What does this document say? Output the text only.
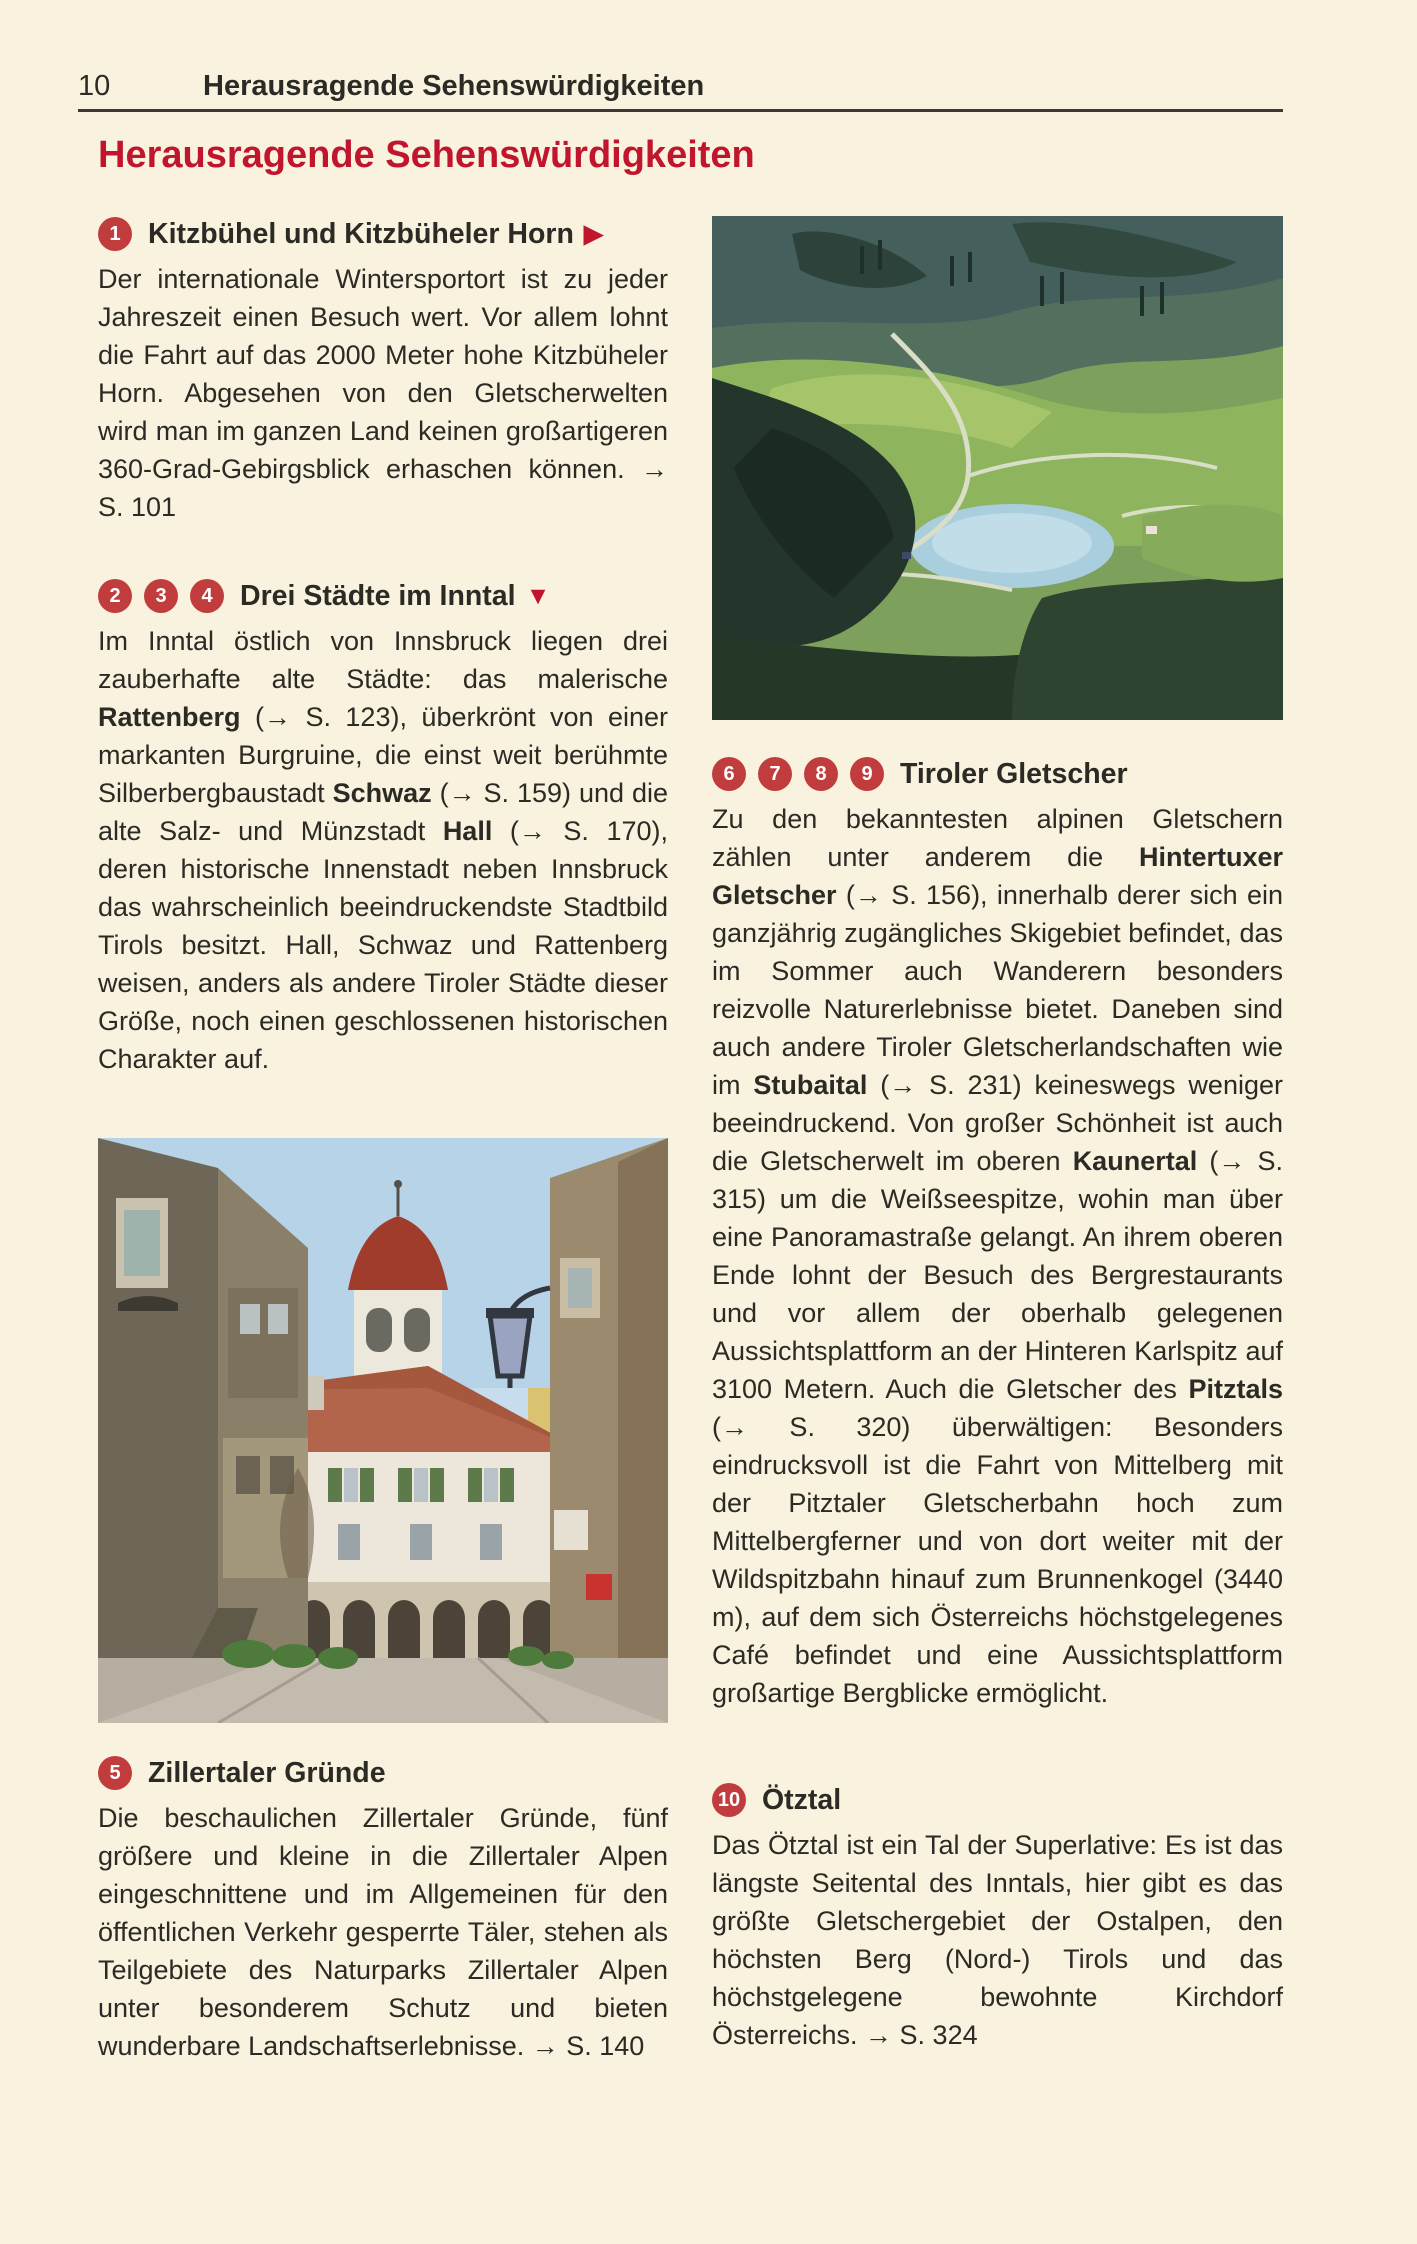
10	Herausragende Sehenswürdigkeiten
Herausragende Sehenswürdigkeiten
1 Kitzbühel und Kitzbüheler Horn ▶

Der internationale Wintersportort ist zu jeder Jahreszeit einen Besuch wert. Vor allem lohnt die Fahrt auf das 2000 Meter hohe Kitzbüheler Horn. Abgesehen von den Gletscherwelten wird man im ganzen Land keinen großartigeren 360-Grad-Gebirgsblick erhaschen können. → S. 101

2	3	4 Drei Städte im Inntal ▼

Im Inntal östlich von Innsbruck liegen drei zauberhafte alte Städte: das malerische Rattenberg (→ S. 123), überkrönt von einer markanten Burgruine, die einst weit berühmte Silberbergbaustadt Schwaz (→ S. 159) und die alte Salz- und Münzstadt Hall (→ S. 170), deren historische Innenstadt neben Innsbruck das wahrscheinlich beeindruckendste Stadtbild Tirols besitzt. Hall, Schwaz und Rattenberg weisen, anders als andere Tiroler Städte dieser Größe, noch einen geschlossenen historischen Charakter auf.

5 Zillertaler Gründe

Die beschaulichen Zillertaler Gründe, fünf größere und kleine in die Zillertaler Alpen eingeschnittene und im Allgemeinen für den öffentlichen Verkehr gesperrte Täler, stehen als Teilgebiete des Naturparks Zillertaler Alpen unter besonderem Schutz und bieten wunderbare Landschaftserlebnisse. → S. 140

6	7	8	9 Tiroler Gletscher

Zu den bekanntesten alpinen Gletschern zählen unter anderem die Hintertuxer Gletscher (→ S. 156), innerhalb derer sich ein ganzjährig zugängliches Skigebiet befindet, das im Sommer auch Wanderern besonders reizvolle Naturerlebnisse bietet. Daneben sind auch andere Tiroler Gletscherlandschaften wie im Stubaital (→ S. 231) keineswegs weniger beeindruckend. Von großer Schönheit ist auch die Gletscherwelt im oberen Kaunertal (→ S. 315) um die Weißseespitze, wohin man über eine Panoramastraße gelangt. An ihrem oberen Ende lohnt der Besuch des Bergrestaurants und vor allem der oberhalb gelegenen Aussichtsplattform an der Hinteren Karlspitz auf 3100 Metern. Auch die Gletscher des Pitztals (→ S. 320) überwältigen: Besonders eindrucksvoll ist die Fahrt von Mittelberg mit der Pitztaler Gletscherbahn hoch zum Mittelbergferner und von dort weiter mit der Wildspitzbahn hinauf zum Brunnenkogel (3440 m), auf dem sich Österreichs höchstgelegenes Café befindet und eine Aussichtsplattform großartige Bergblicke ermöglicht.

10 Ötztal

Das Ötztal ist ein Tal der Superlative: Es ist das längste Seitental des Inntals, hier gibt es das größte Gletschergebiet der Ostalpen, den höchsten Berg (Nord-) Tirols und das höchstgelegene bewohnte Kirchdorf Österreichs. → S. 324
